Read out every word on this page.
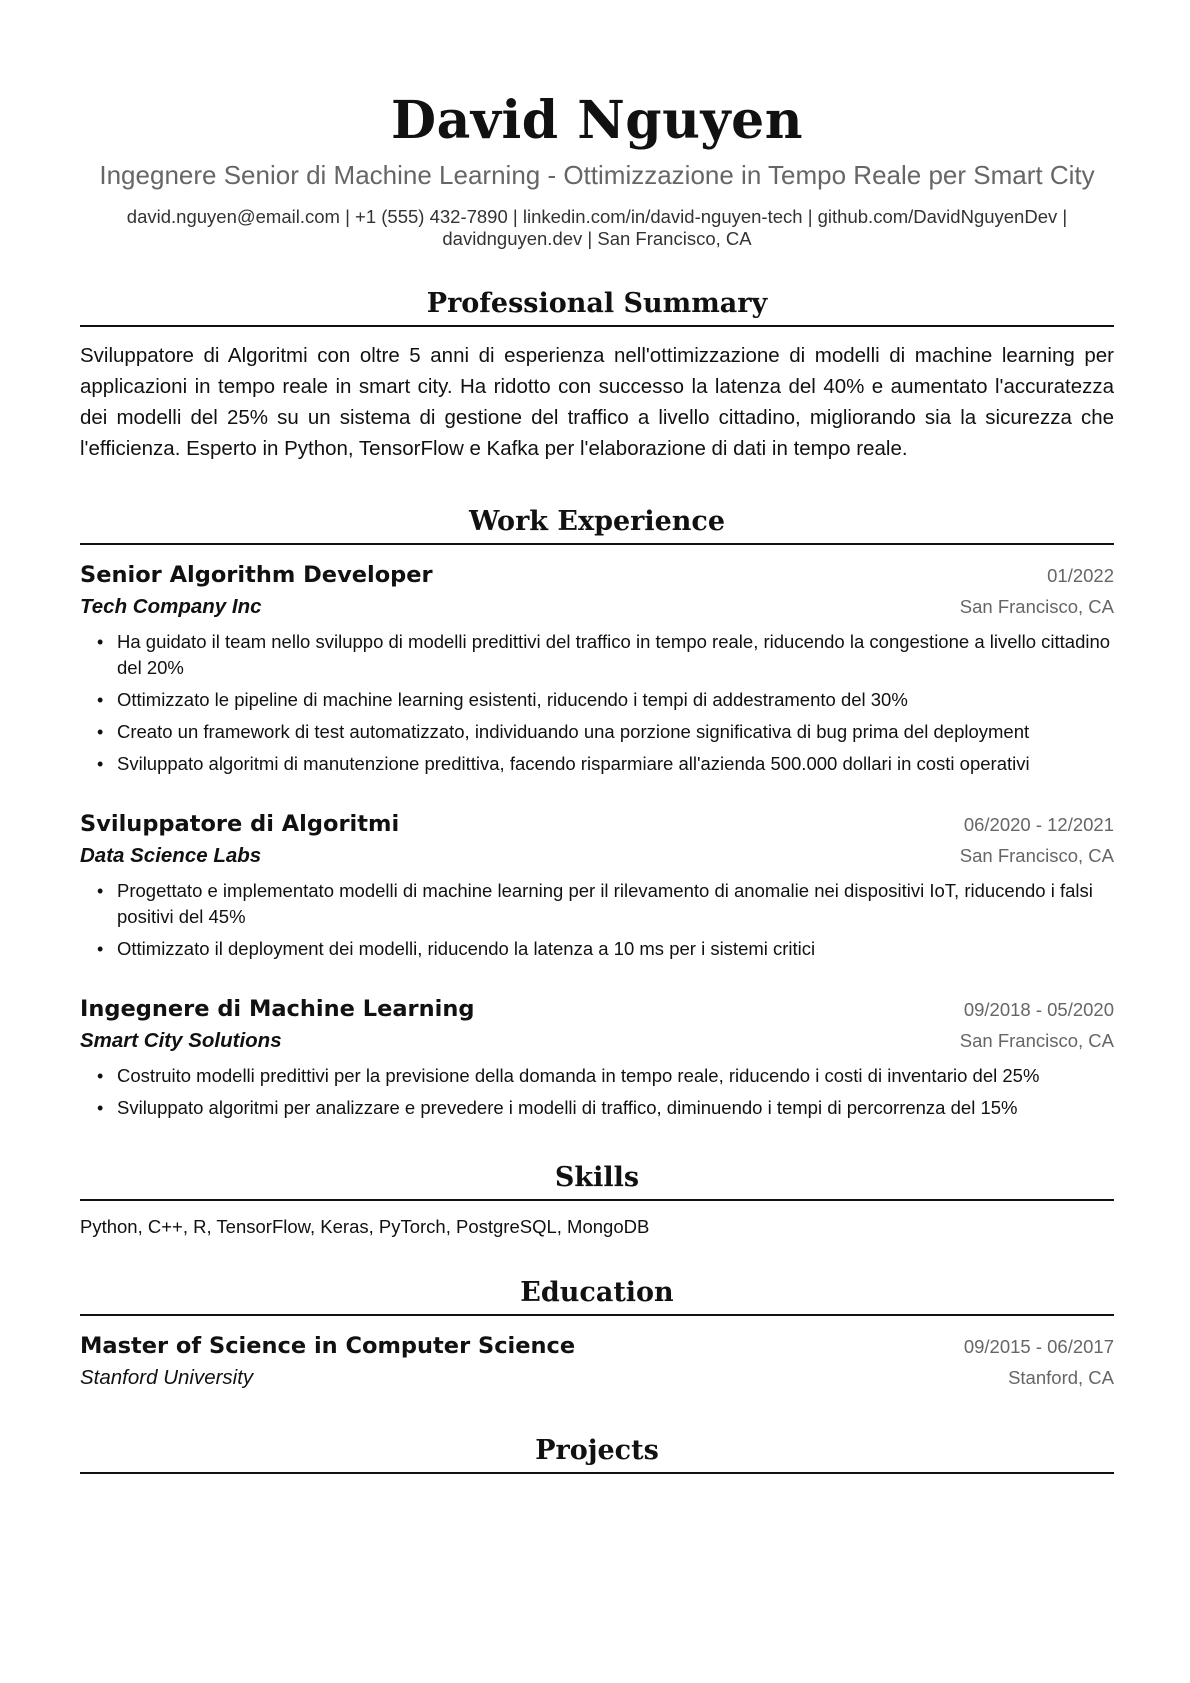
David Nguyen
Ingegnere Senior di Machine Learning - Ottimizzazione in Tempo Reale per Smart City
david.nguyen@email.com | +1 (555) 432-7890 | linkedin.com/in/david-nguyen-tech | github.com/DavidNguyenDev | davidnguyen.dev | San Francisco, CA
Professional Summary

Sviluppatore di Algoritmi con oltre 5 anni di esperienza nell'ottimizzazione di modelli di machine learning per applicazioni in tempo reale in smart city. Ha ridotto con successo la latenza del 40% e aumentato l'accuratezza dei modelli del 25% su un sistema di gestione del traffico a livello cittadino, migliorando sia la sicurezza che l'efficienza. Esperto in Python, TensorFlow e Kafka per l'elaborazione di dati in tempo reale.

Work Experience
Senior Algorithm Developer	01/2022
Tech Company Inc	San Francisco, CA
• Ha guidato il team nello sviluppo di modelli predittivi del traffico in tempo reale, riducendo la congestione a livello cittadino del 20%
• Ottimizzato le pipeline di machine learning esistenti, riducendo i tempi di addestramento del 30%
• Creato un framework di test automatizzato, individuando una porzione significativa di bug prima del deployment
• Sviluppato algoritmi di manutenzione predittiva, facendo risparmiare all'azienda 500.000 dollari in costi operativi
Sviluppatore di Algoritmi	06/2020 - 12/2021
Data Science Labs	San Francisco, CA
• Progettato e implementato modelli di machine learning per il rilevamento di anomalie nei dispositivi IoT, riducendo i falsi positivi del 45%
• Ottimizzato il deployment dei modelli, riducendo la latenza a 10 ms per i sistemi critici
Ingegnere di Machine Learning	09/2018 - 05/2020
Smart City Solutions	San Francisco, CA
• Costruito modelli predittivi per la previsione della domanda in tempo reale, riducendo i costi di inventario del 25%
• Sviluppato algoritmi per analizzare e prevedere i modelli di traffico, diminuendo i tempi di percorrenza del 15%
Skills

Python, C++, R, TensorFlow, Keras, PyTorch, PostgreSQL, MongoDB

Education
Master of Science in Computer Science	09/2015 - 06/2017
Stanford University	Stanford, CA
Projects
